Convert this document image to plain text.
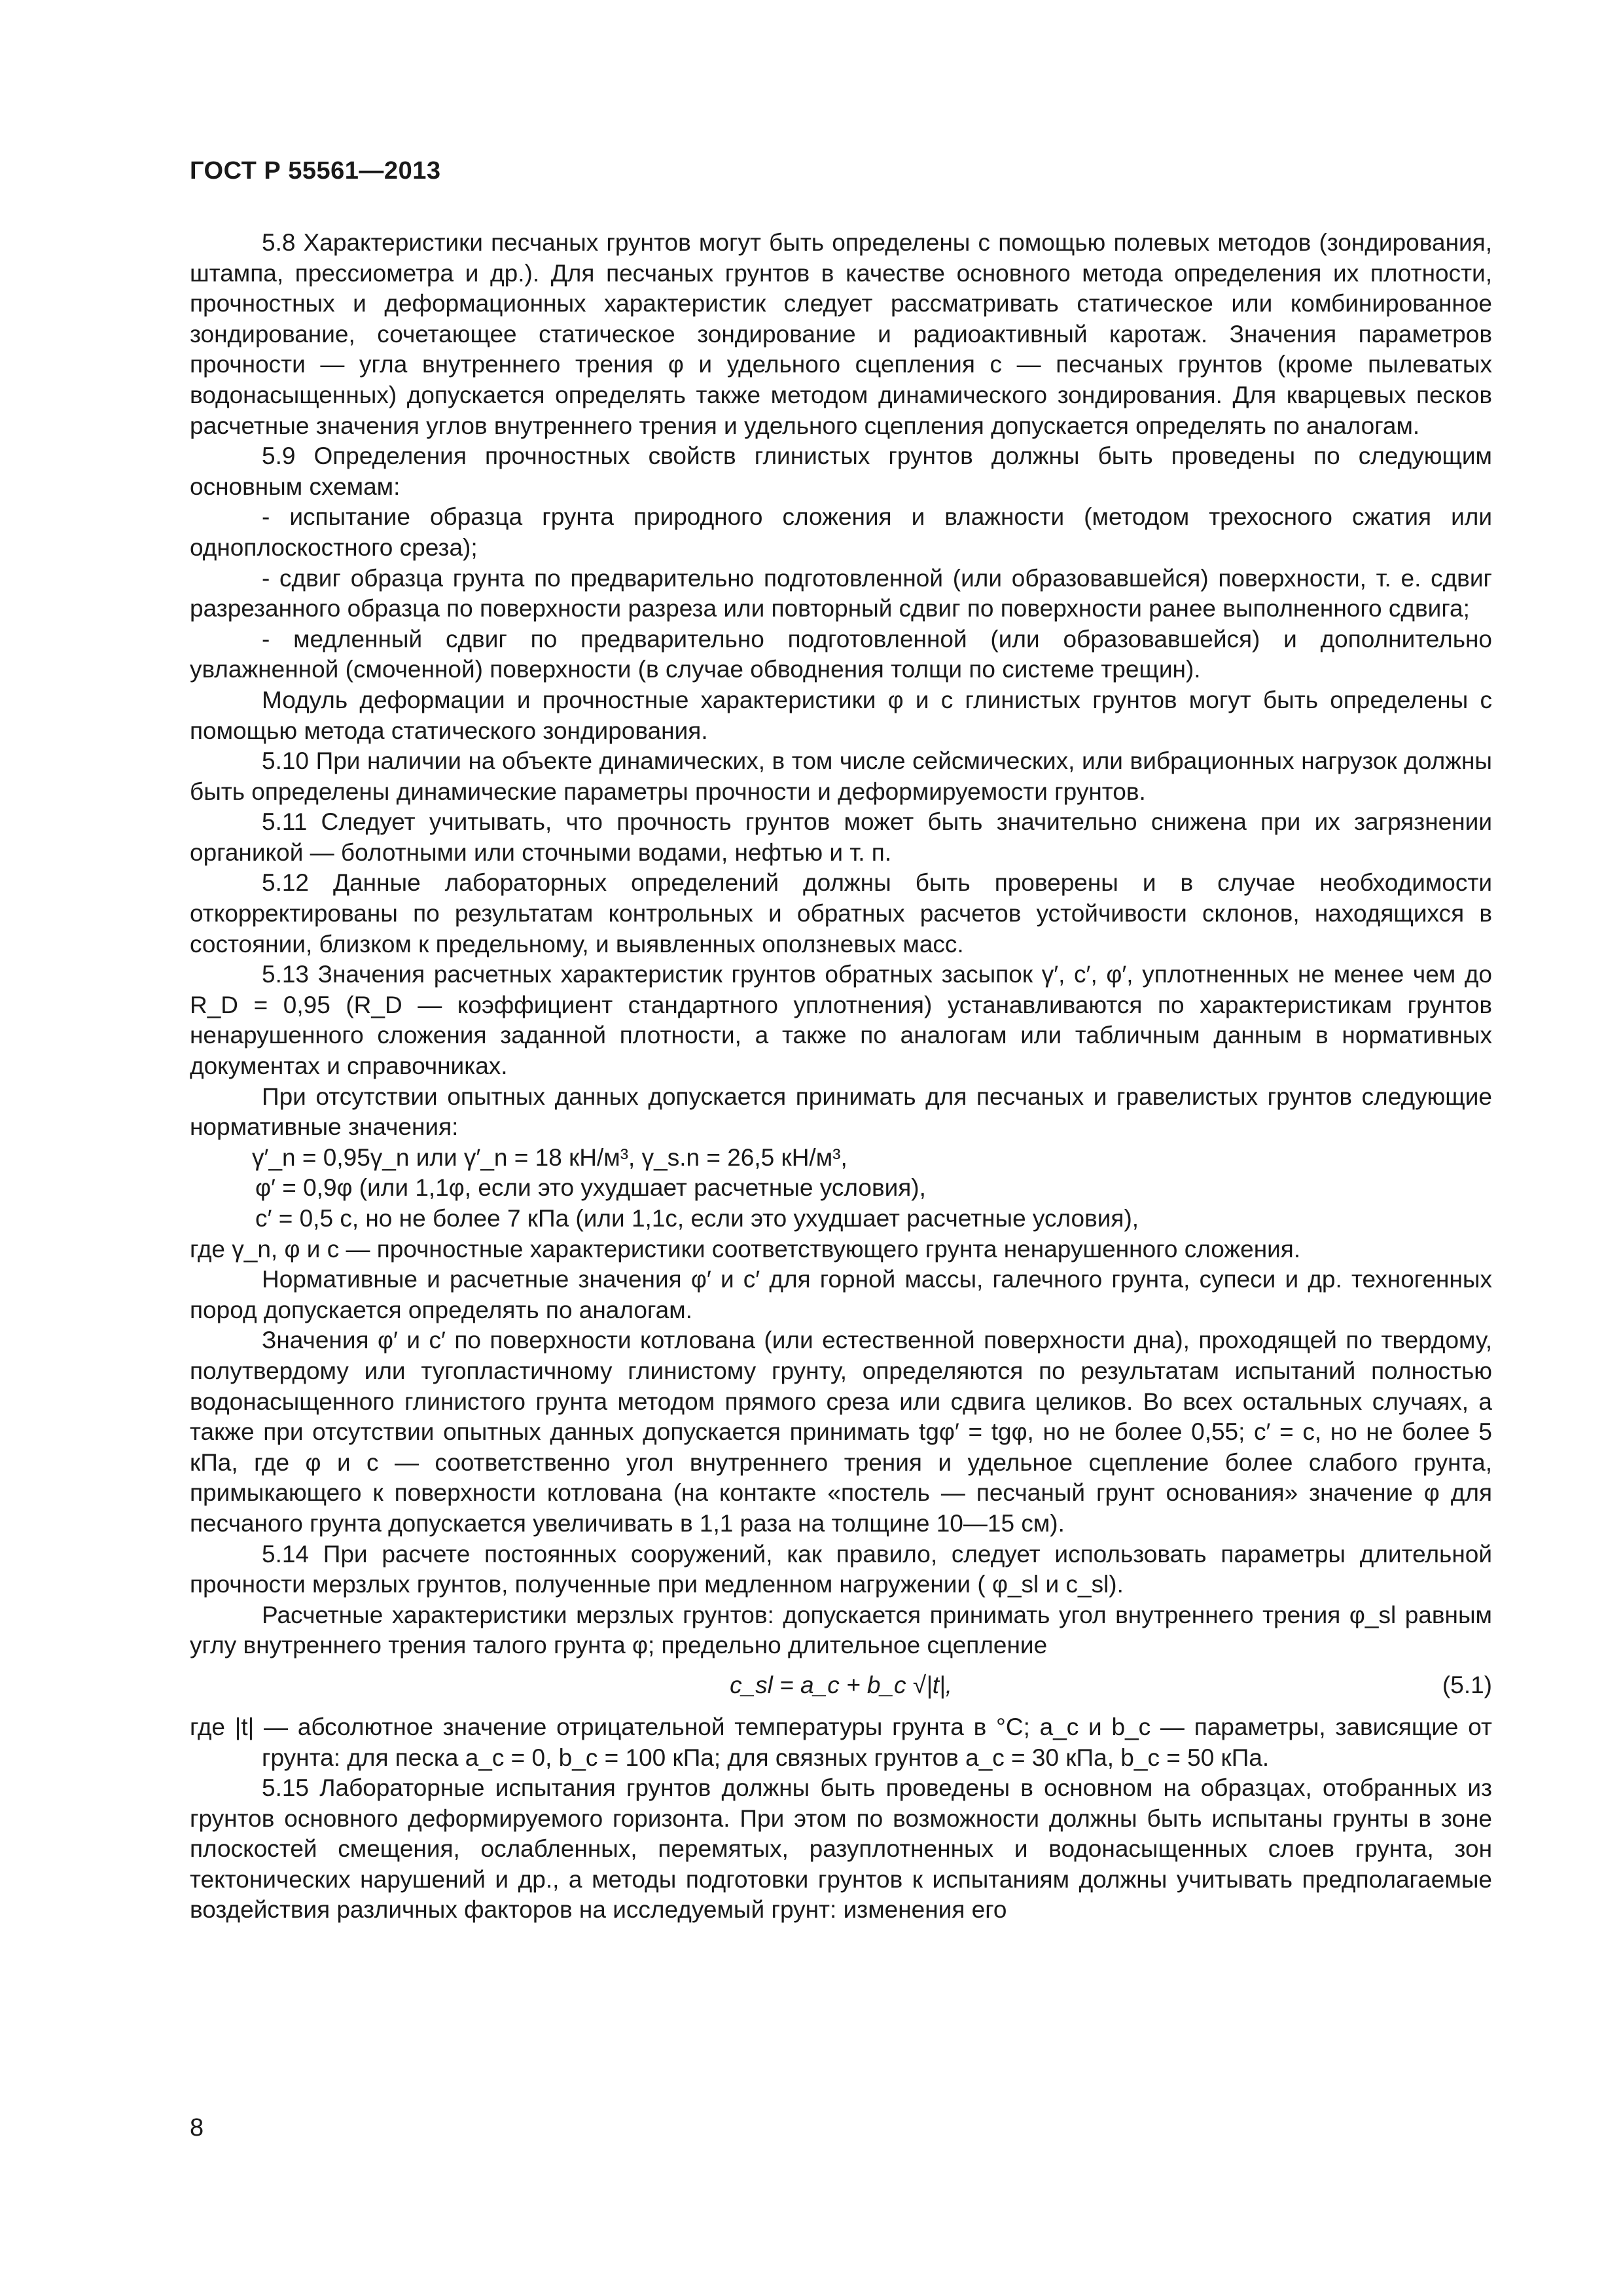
ГОСТ Р 55561—2013

5.8 Характеристики песчаных грунтов могут быть определены с помощью полевых методов (зондирования, штампа, прессиометра и др.). Для песчаных грунтов в качестве основного метода определения их плотности, прочностных и деформационных характеристик следует рассматривать статическое или комбинированное зондирование, сочетающее статическое зондирование и радиоактивный каротаж. Значения параметров прочности — угла внутреннего трения φ и удельного сцепления c — песчаных грунтов (кроме пылеватых водонасыщенных) допускается определять также методом динамического зондирования. Для кварцевых песков расчетные значения углов внутреннего трения и удельного сцепления допускается определять по аналогам.

5.9 Определения прочностных свойств глинистых грунтов должны быть проведены по следующим основным схемам:

- испытание образца грунта природного сложения и влажности (методом трехосного сжатия или одноплоскостного среза);

- сдвиг образца грунта по предварительно подготовленной (или образовавшейся) поверхности, т. е. сдвиг разрезанного образца по поверхности разреза или повторный сдвиг по поверхности ранее выполненного сдвига;

- медленный сдвиг по предварительно подготовленной (или образовавшейся) и дополнительно увлажненной (смоченной) поверхности (в случае обводнения толщи по системе трещин).

Модуль деформации и прочностные характеристики φ и c глинистых грунтов могут быть определены с помощью метода статического зондирования.

5.10 При наличии на объекте динамических, в том числе сейсмических, или вибрационных нагрузок должны быть определены динамические параметры прочности и деформируемости грунтов.

5.11 Следует учитывать, что прочность грунтов может быть значительно снижена при их загрязнении органикой — болотными или сточными водами, нефтью и т. п.

5.12 Данные лабораторных определений должны быть проверены и в случае необходимости откорректированы по результатам контрольных и обратных расчетов устойчивости склонов, находящихся в состоянии, близком к предельному, и выявленных оползневых масс.

5.13 Значения расчетных характеристик грунтов обратных засыпок γ′, c′, φ′, уплотненных не менее чем до R_D = 0,95 (R_D — коэффициент стандартного уплотнения) устанавливаются по характеристикам грунтов ненарушенного сложения заданной плотности, а также по аналогам или табличным данным в нормативных документах и справочниках.

При отсутствии опытных данных допускается принимать для песчаных и гравелистых грунтов следующие нормативные значения:

γ′_n = 0,95γ_n или γ′_n = 18 кН/м³, γ_s.n = 26,5 кН/м³,

φ′ = 0,9φ (или 1,1φ, если это ухудшает расчетные условия),

c′ = 0,5 c, но не более 7 кПа (или 1,1c, если это ухудшает расчетные условия),

где γ_n, φ и c — прочностные характеристики соответствующего грунта ненарушенного сложения.

Нормативные и расчетные значения φ′ и c′ для горной массы, галечного грунта, супеси и др. техногенных пород допускается определять по аналогам.

Значения φ′ и c′ по поверхности котлована (или естественной поверхности дна), проходящей по твердому, полутвердому или тугопластичному глинистому грунту, определяются по результатам испытаний полностью водонасыщенного глинистого грунта методом прямого среза или сдвига целиков. Во всех остальных случаях, а также при отсутствии опытных данных допускается принимать tgφ′ = tgφ, но не более 0,55; c′ = c, но не более 5 кПа, где φ и c — соответственно угол внутреннего трения и удельное сцепление более слабого грунта, примыкающего к поверхности котлована (на контакте «постель — песчаный грунт основания» значение φ для песчаного грунта допускается увеличивать в 1,1 раза на толщине 10—15 см).

5.14 При расчете постоянных сооружений, как правило, следует использовать параметры длительной прочности мерзлых грунтов, полученные при медленном нагружении ( φ_sl и c_sl).

Расчетные характеристики мерзлых грунтов: допускается принимать угол внутреннего трения φ_sl равным углу внутреннего трения талого грунта φ; предельно длительное сцепление

c_sl = a_c + b_c √|t|,	(5.1)

где |t| — абсолютное значение отрицательной температуры грунта в °С; a_c и b_c — параметры, зависящие от грунта: для песка a_c = 0, b_c = 100 кПа; для связных грунтов a_c = 30 кПа, b_c = 50 кПа.

5.15 Лабораторные испытания грунтов должны быть проведены в основном на образцах, отобранных из грунтов основного деформируемого горизонта. При этом по возможности должны быть испытаны грунты в зоне плоскостей смещения, ослабленных, перемятых, разуплотненных и водонасыщенных слоев грунта, зон тектонических нарушений и др., а методы подготовки грунтов к испытаниям должны учитывать предполагаемые воздействия различных факторов на исследуемый грунт: изменения его

8
